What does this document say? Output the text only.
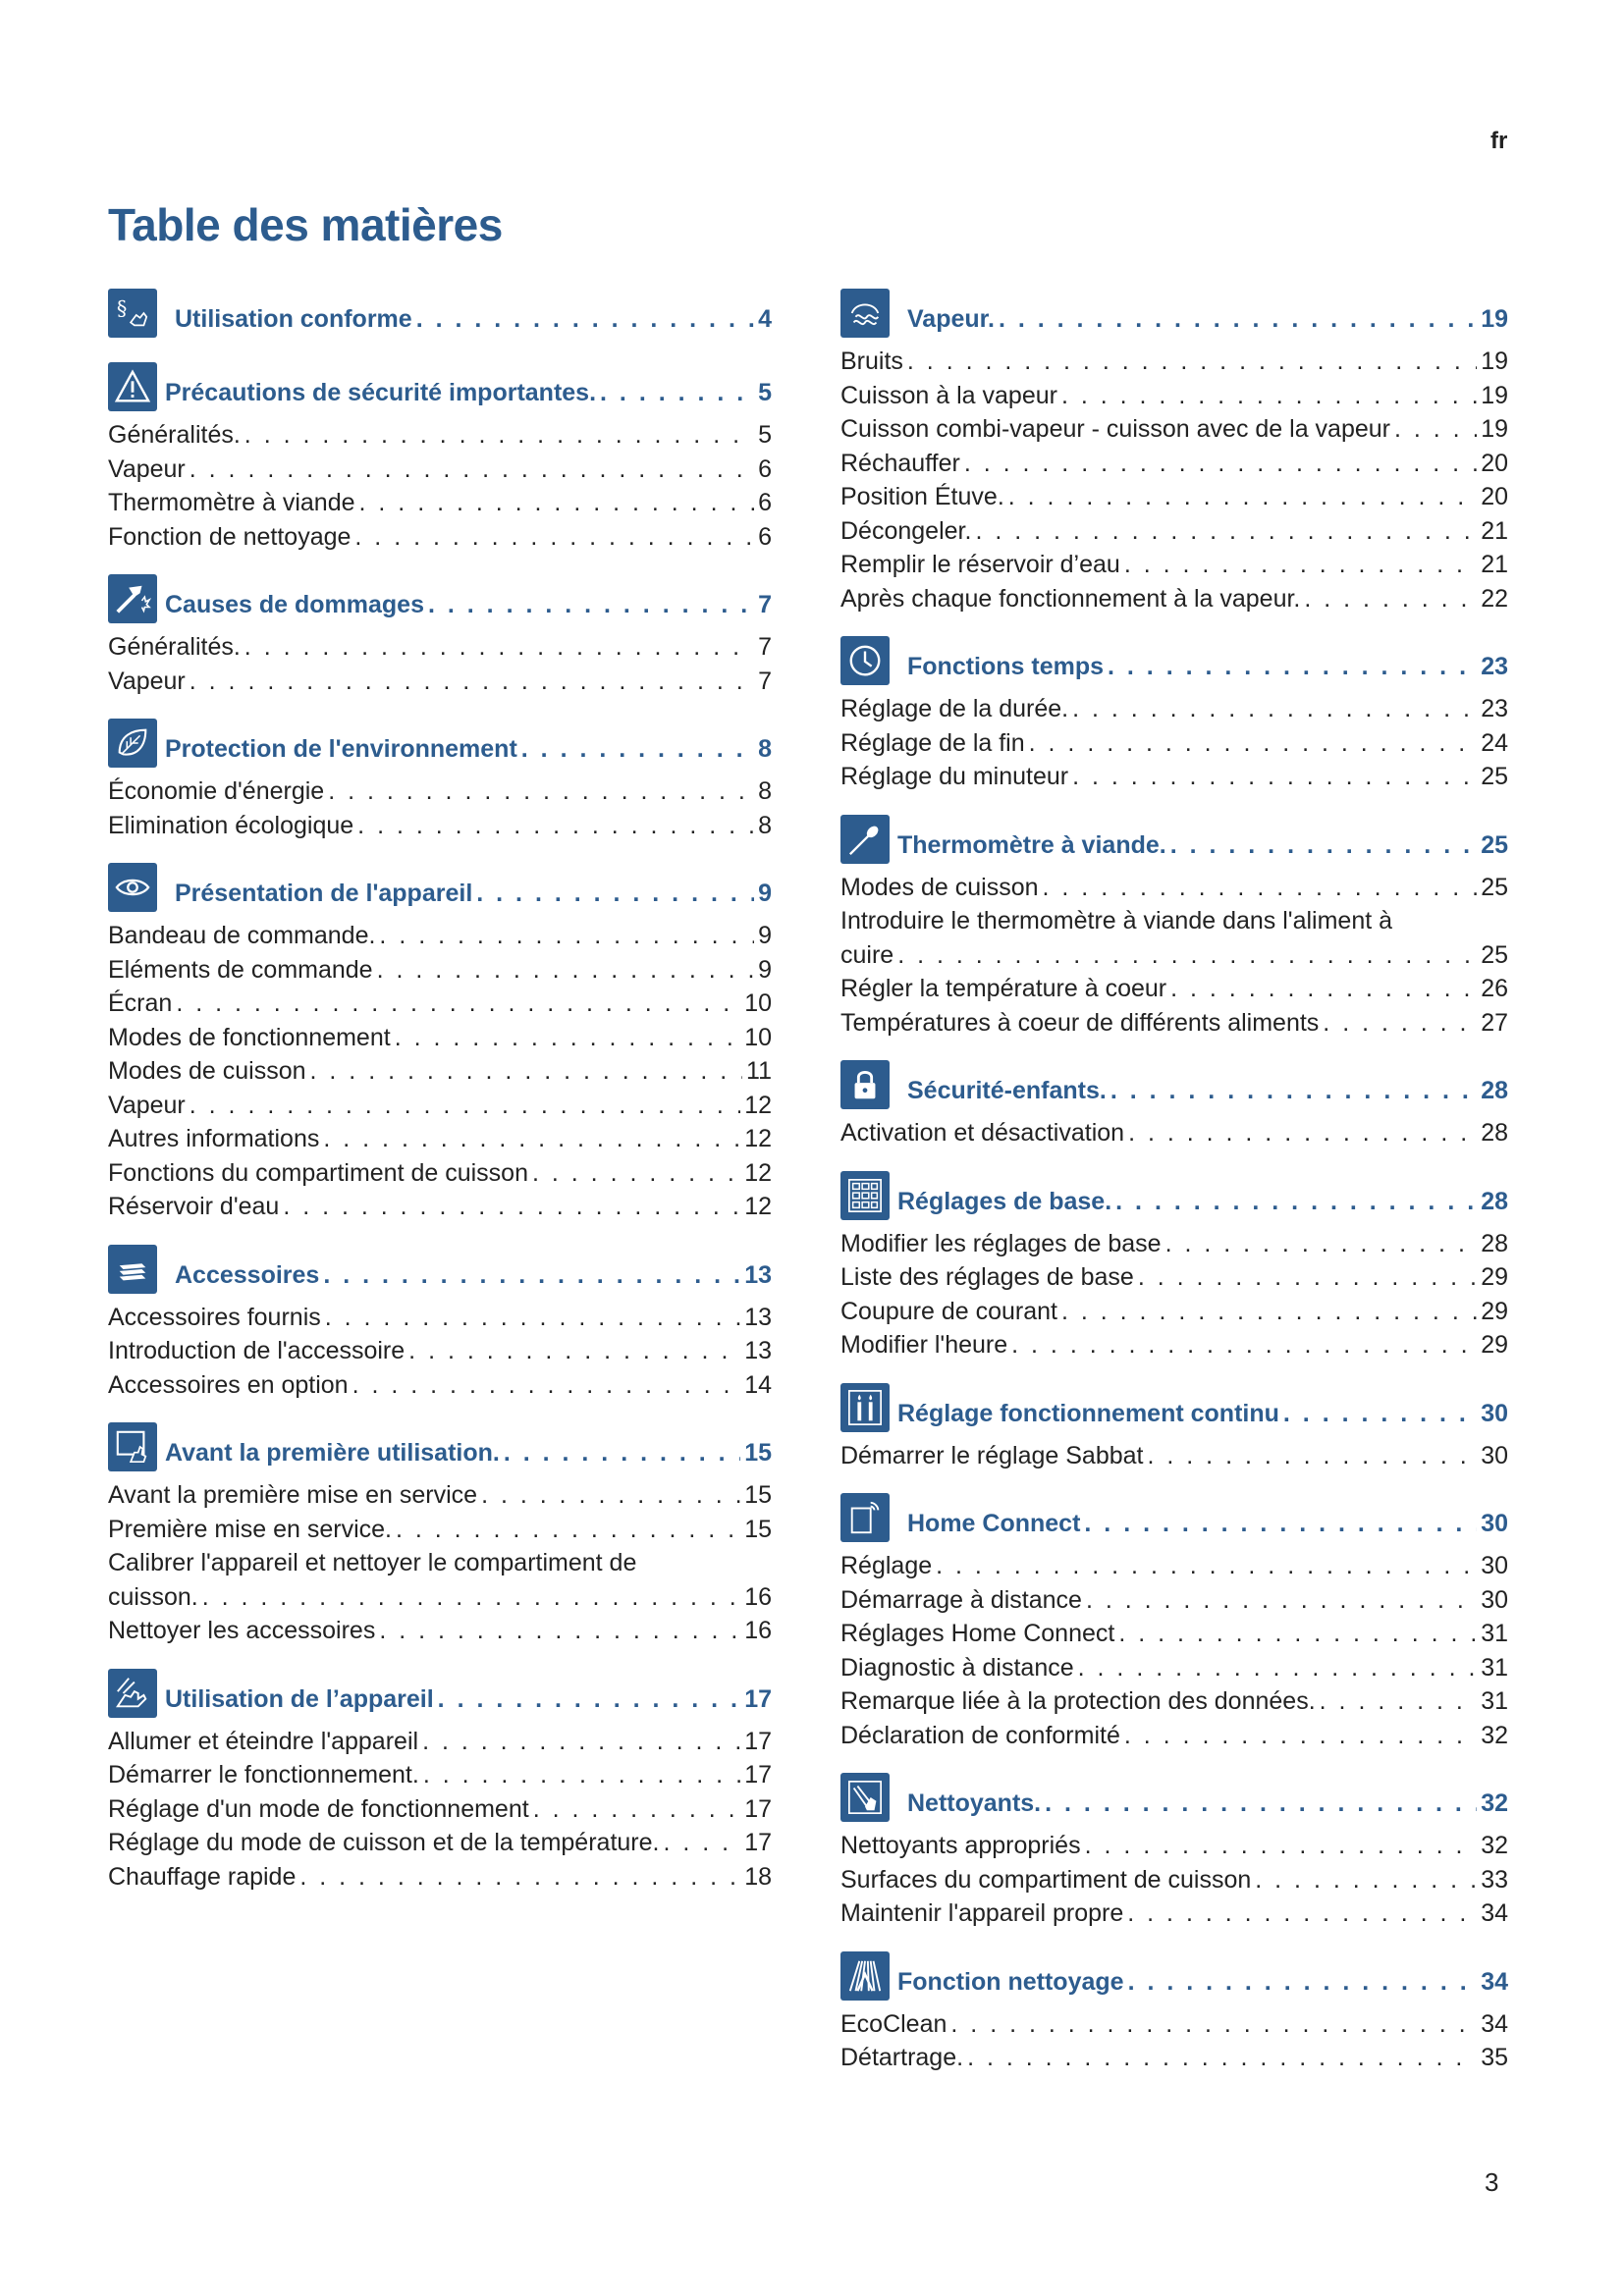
fr
Table des matières
§ Utilisation conforme . . .	4
Précautions de sécurité importantes. . . .	5
Généralités. . . .	5
Vapeur . . .	6
Thermomètre à viande . . .	6
Fonction de nettoyage . . .	6
Causes de dommages . . .	7
Généralités. . . .	7
Vapeur . . .	7
Protection de l'environnement . . .	8
Économie d'énergie . . .	8
Elimination écologique . . .	8
Présentation de l'appareil . . .	9
Bandeau de commande. . . .	9
Eléments de commande . . .	9
Écran . . .	10
Modes de fonctionnement . . .	10
Modes de cuisson . . .	11
Vapeur . . .	12
Autres informations . . .	12
Fonctions du compartiment de cuisson . . .	12
Réservoir d'eau . . .	12
Accessoires . . .	13
Accessoires fournis . . .	13
Introduction de l'accessoire . . .	13
Accessoires en option . . .	14
Avant la première utilisation. . . .	15
Avant la première mise en service . . .	15
Première mise en service. . . .	15
Calibrer l'appareil et nettoyer le compartiment de
cuisson. . . .	16
Nettoyer les accessoires . . .	16
Utilisation de l’appareil . . .	17
Allumer et éteindre l'appareil . . .	17
Démarrer le fonctionnement. . . .	17
Réglage d'un mode de fonctionnement . . .	17
Réglage du mode de cuisson et de la température. . . .	17
Chauffage rapide . . .	18
Vapeur. . . .	19
Bruits . . .	19
Cuisson à la vapeur . . .	19
Cuisson combi-vapeur - cuisson avec de la vapeur . . .	19
Réchauffer . . .	20
Position Étuve. . . .	20
Décongeler. . . .	21
Remplir le réservoir d’eau . . .	21
Après chaque fonctionnement à la vapeur. . . .	22
Fonctions temps . . .	23
Réglage de la durée. . . .	23
Réglage de la fin . . .	24
Réglage du minuteur . . .	25
Thermomètre à viande. . . .	25
Modes de cuisson . . .	25
Introduire le thermomètre à viande dans l'aliment à
cuire . . .	25
Régler la température à coeur . . .	26
Températures à coeur de différents aliments . . .	27
Sécurité-enfants. . . .	28
Activation et désactivation . . .	28
Réglages de base. . . .	28
Modifier les réglages de base . . .	28
Liste des réglages de base . . .	29
Coupure de courant . . .	29
Modifier l'heure . . .	29
Réglage fonctionnement continu . . .	30
Démarrer le réglage Sabbat . . .	30
Home Connect . . .	30
Réglage . . .	30
Démarrage à distance . . .	30
Réglages Home Connect . . .	31
Diagnostic à distance . . .	31
Remarque liée à la protection des données. . . .	31
Déclaration de conformité . . .	32
Nettoyants. . . .	32
Nettoyants appropriés . . .	32
Surfaces du compartiment de cuisson . . .	33
Maintenir l'appareil propre . . .	34
Fonction nettoyage . . .	34
EcoClean . . .	34
Détartrage. . . .	35
3
